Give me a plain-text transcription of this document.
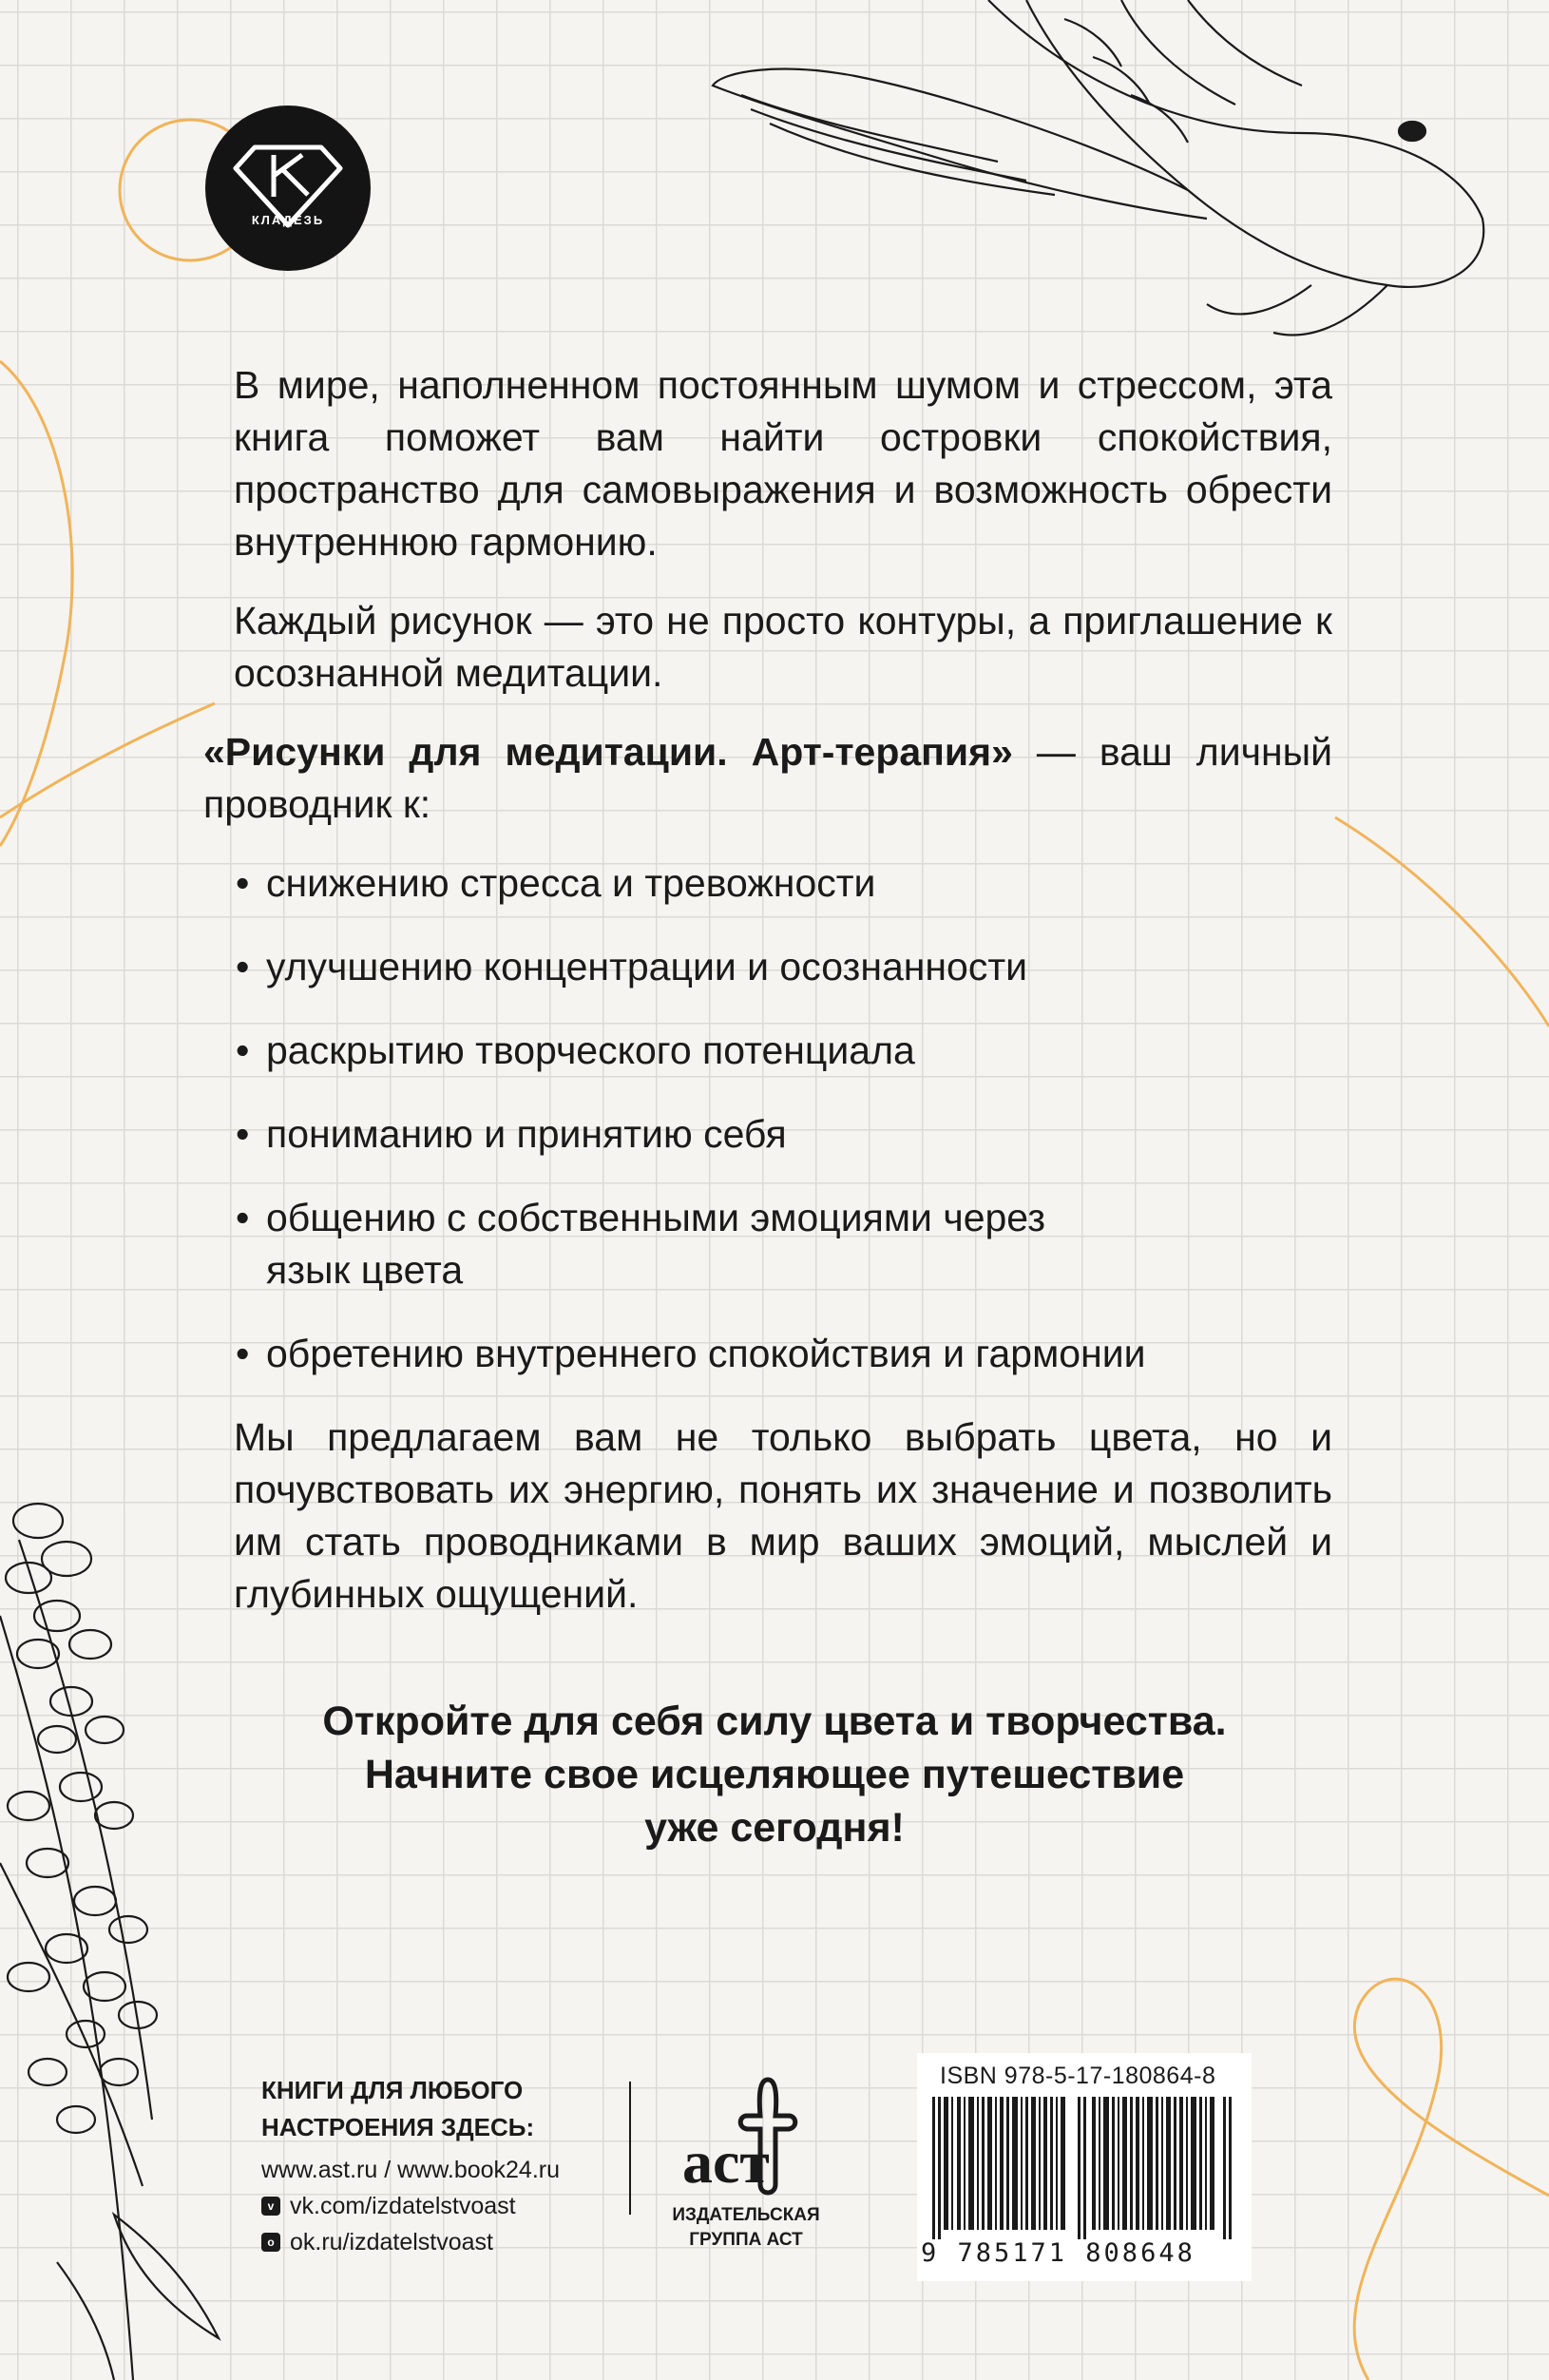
КЛАДЕЗЬ

В мире, наполненном постоянным шумом и стрессом, эта книга поможет вам найти островки спокойствия, пространство для самовыражения и возможность обрести внутреннюю гармонию.

Каждый рисунок — это не просто контуры, а приглашение к осознанной медитации.

«Рисунки для медитации. Арт-терапия» — ваш личный проводник к:

• снижению стресса и тревожности
• улучшению концентрации и осознанности
• раскрытию творческого потенциала
• пониманию и принятию себя
• общению с собственными эмоциями через язык цвета
• обретению внутреннего спокойствия и гармонии

Мы предлагаем вам не только выбрать цвета, но и почувствовать их энергию, понять их значение и позволить им стать проводниками в мир ваших эмоций, мыслей и глубинных ощущений.

Откройте для себя силу цвета и творчества.
Начните свое исцеляющее путешествие
уже сегодня!
КНИГИ ДЛЯ ЛЮБОГО
НАСТРОЕНИЯ ЗДЕСЬ:
www.ast.ru / www.book24.ru
v vk.com/izdatelstvoast
o ok.ru/izdatelstvoast
аст
ИЗДАТЕЛЬСКАЯ
ГРУППА АСТ
ISBN 978-5-17-180864-8
9 785171 808648
